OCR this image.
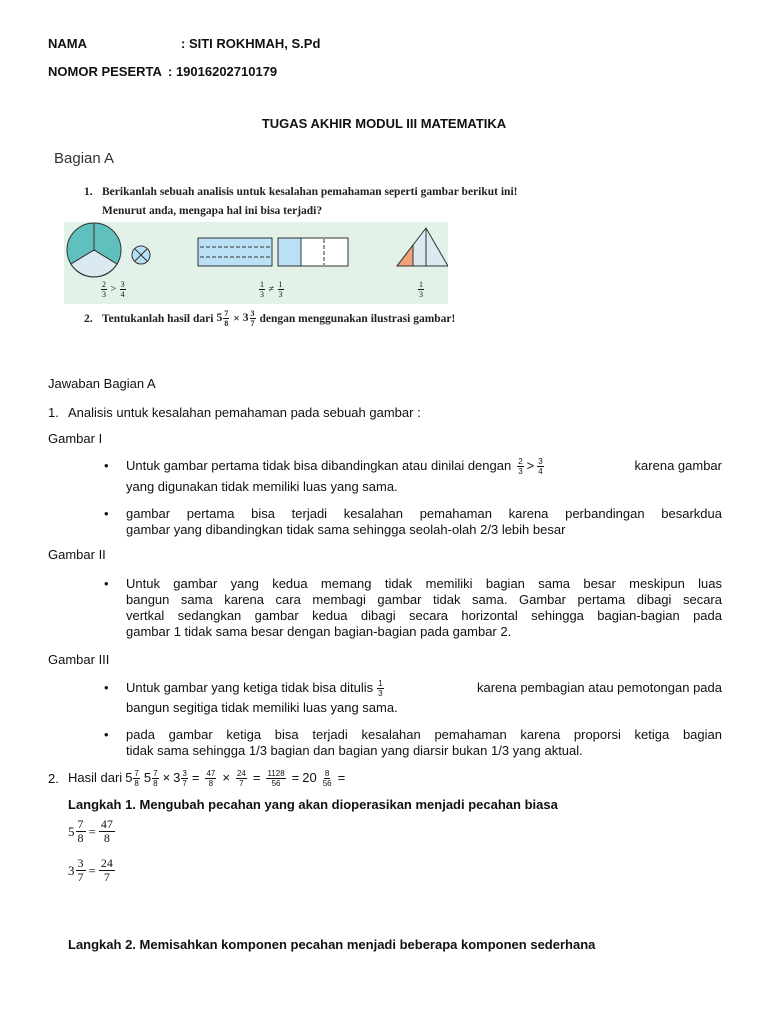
NAMA	: SITI ROKHMAH, S.Pd
NOMOR PESERTA : 19016202710179
TUGAS AKHIR MODUL III MATEMATIKA
Bagian A
1. Berikanlah sebuah analisis untuk kesalahan pemahaman seperti gambar berikut ini!
Menurut anda, mengapa hal ini bisa terjadi?
$\frac{2}{3} > \frac{3}{4}$	$\frac{1}{3} \ne \frac{1}{3}$	$\frac{1}{3}$
2. Tentukanlah hasil dari $5 \frac{7}{8} \times 3 \frac{3}{7}$ dengan menggunakan ilustrasi gambar!
Jawaban Bagian A
1. Analisis untuk kesalahan pemahaman pada sebuah gambar :
Gambar I
• Untuk gambar pertama tidak bisa dibandingkan atau dinilai dengan $\frac{2}{3} > \frac{3}{4}$	karena gambar
yang digunakan tidak memiliki luas yang sama.
• gambar pertama bisa terjadi kesalahan pemahaman karena perbandingan besarkdua
gambar yang dibandingkan tidak sama sehingga seolah-olah 2/3 lebih besar
Gambar II
• Untuk gambar yang kedua memang tidak memiliki bagian sama besar meskipun luas
bangun sama karena cara membagi gambar tidak sama. Gambar pertama dibagi secara
vertkal sedangkan gambar kedua dibagi secara horizontal sehingga bagian-bagian pada
gambar 1 tidak sama besar dengan bagian-bagian pada gambar 2.
Gambar III
• Untuk gambar yang ketiga tidak bisa ditulis $\frac{1}{3}$	karena pembagian atau pemotongan pada
bangun segitiga tidak memiliki luas yang sama.
• pada gambar ketiga bisa terjadi kesalahan pemahaman karena proporsi ketiga bagian
tidak sama sehingga 1/3 bagian dan bagian yang diarsir bukan 1/3 yang aktual.
2. Hasil dari $5 \frac{7}{8} 5 \frac{7}{8} \times 3 \frac{3}{7} = \frac{47}{8} \times \frac{24}{7} = \frac{1128}{56} = 20 \frac{8}{56}$ =
Langkah 1. Mengubah pecahan yang akan dioperasikan menjadi pecahan biasa
$5 \frac{7}{8} = \frac{47}{8}$
$3 \frac{3}{7} = \frac{24}{7}$
Langkah 2. Memisahkan komponen pecahan menjadi beberapa komponen sederhana
